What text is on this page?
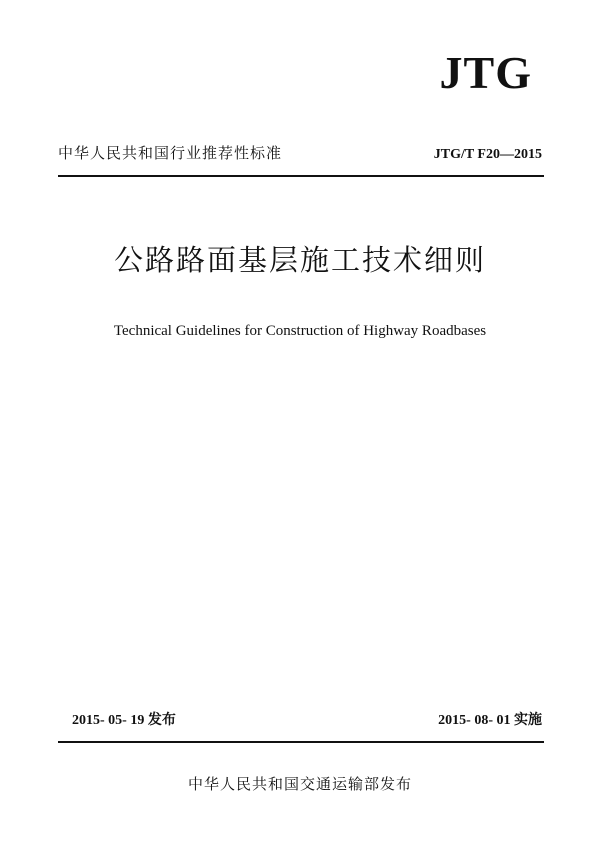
JTG
中华人民共和国行业推荐性标准	JTG/T F20—2015
公路路面基层施工技术细则
Technical Guidelines for Construction of Highway Roadbases
2015- 05- 19 发布	2015- 08- 01 实施
中华人民共和国交通运输部发布
